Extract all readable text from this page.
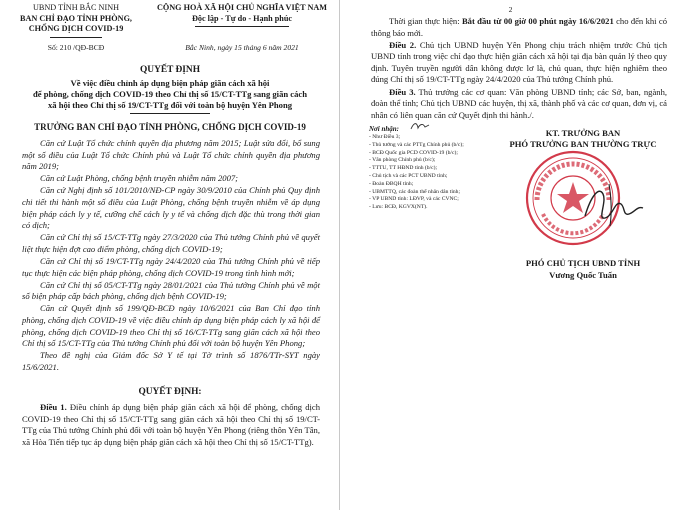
UBND TỈNH BẮC NINH
BAN CHỈ ĐẠO TỈNH PHÒNG,
CHỐNG DỊCH COVID-19
Số: 210 /QĐ-BCĐ
CỘNG HOÀ XÃ HỘI CHỦ NGHĨA VIỆT NAM
Độc lập - Tự do - Hạnh phúc
Bắc Ninh, ngày 15 tháng 6 năm 2021
QUYẾT ĐỊNH
Về việc điều chỉnh áp dụng biện pháp giãn cách xã hội
để phòng, chống dịch COVID-19 theo Chỉ thị số 15/CT-TTg sang giãn cách
xã hội theo Chỉ thị số 19/CT-TTg đối với toàn bộ huyện Yên Phong
TRƯỞNG BAN CHỈ ĐẠO TỈNH PHÒNG, CHỐNG DỊCH COVID-19

Căn cứ Luật Tổ chức chính quyền địa phương năm 2015; Luật sửa đổi, bổ sung một số điều của Luật Tổ chức Chính phủ và Luật Tổ chức chính quyền địa phương năm 2019;

Căn cứ Luật Phòng, chống bệnh truyền nhiễm năm 2007;

Căn cứ Nghị định số 101/2010/NĐ-CP ngày 30/9/2010 của Chính phủ Quy định chi tiết thi hành một số điều của Luật Phòng, chống bệnh truyền nhiễm về áp dụng biện pháp cách ly y tế, cưỡng chế cách ly y tế và chống dịch đặc thù trong thời gian có dịch;

Căn cứ Chỉ thị số 15/CT-TTg ngày 27/3/2020 của Thủ tướng Chính phủ về quyết liệt thực hiện đợt cao điểm phòng, chống dịch COVID-19;

Căn cứ Chỉ thị số 19/CT-TTg ngày 24/4/2020 của Thủ tướng Chính phủ về tiếp tục thực hiện các biện pháp phòng, chống dịch COVID-19 trong tình hình mới;

Căn cứ Chỉ thị số 05/CT-TTg ngày 28/01/2021 của Thủ tướng Chính phủ về một số biện pháp cấp bách phòng, chống dịch bệnh COVID-19;

Căn cứ Quyết định số 199/QĐ-BCĐ ngày 10/6/2021 của Ban Chỉ đạo tỉnh phòng, chống dịch COVID-19 về việc điều chỉnh áp dụng biện pháp cách ly xã hội để phòng, chống dịch COVID-19 theo Chỉ thị số 16/CT-TTg sang giãn cách xã hội theo Chỉ thị số 15/CT-TTg của Thủ tướng Chính phủ đối với toàn bộ huyện Yên Phong;

Theo đề nghị của Giám đốc Sở Y tế tại Tờ trình số 1876/TTr-SYT ngày 15/6/2021.

QUYẾT ĐỊNH:

Điều 1. Điều chỉnh áp dụng biện pháp giãn cách xã hội để phòng, chống dịch COVID-19 theo Chỉ thị số 15/CT-TTg sang giãn cách xã hội theo Chỉ thị số 19/CT-TTg của Thủ tướng Chính phủ đối với toàn bộ huyện Yên Phong (riêng thôn Yên Tân, xã Hòa Tiến tiếp tục áp dụng biện pháp giãn cách xã hội theo Chỉ thị số 15/CT-TTg).

2

Thời gian thực hiện: Bắt đầu từ 00 giờ 00 phút ngày 16/6/2021 cho đến khi có thông báo mới.

Điều 2. Chủ tịch UBND huyện Yên Phong chịu trách nhiệm trước Chủ tịch UBND tỉnh trong việc chỉ đạo thực hiện giãn cách xã hội tại địa bàn quản lý theo quy định. Tuyên truyền người dân không được lơ là, chủ quan, thực hiện nghiêm theo đúng Chỉ thị số 19/CT-TTg ngày 24/4/2020 của Thủ tướng Chính phủ.

Điều 3. Thủ trưởng các cơ quan: Văn phòng UBND tỉnh; các Sở, ban, ngành, đoàn thể tỉnh; Chủ tịch UBND các huyện, thị xã, thành phố và các cơ quan, đơn vị, cá nhân có liên quan căn cứ Quyết định thi hành./.

Nơi nhận:
- Như Điều 3;
- Thủ tướng và các PTTg Chính phủ (b/c);
- BCĐ Quốc gia PCD COVID-19 (b/c);
- Văn phòng Chính phủ (b/c);
- TTTU, TT HĐND tỉnh (b/c);
- Chủ tịch và các PCT UBND tỉnh;
- Đoàn ĐBQH tỉnh;
- UBMTTQ, các đoàn thể nhân dân tỉnh;
- VP UBND tỉnh: LĐVP, và các CVNC;
- Lưu: BCĐ, KGVX(NT).
KT. TRƯỞNG BAN
PHÓ TRƯỞNG BAN THƯỜNG TRỰC
PHÓ CHỦ TỊCH UBND TỈNH
Vương Quốc Tuấn
